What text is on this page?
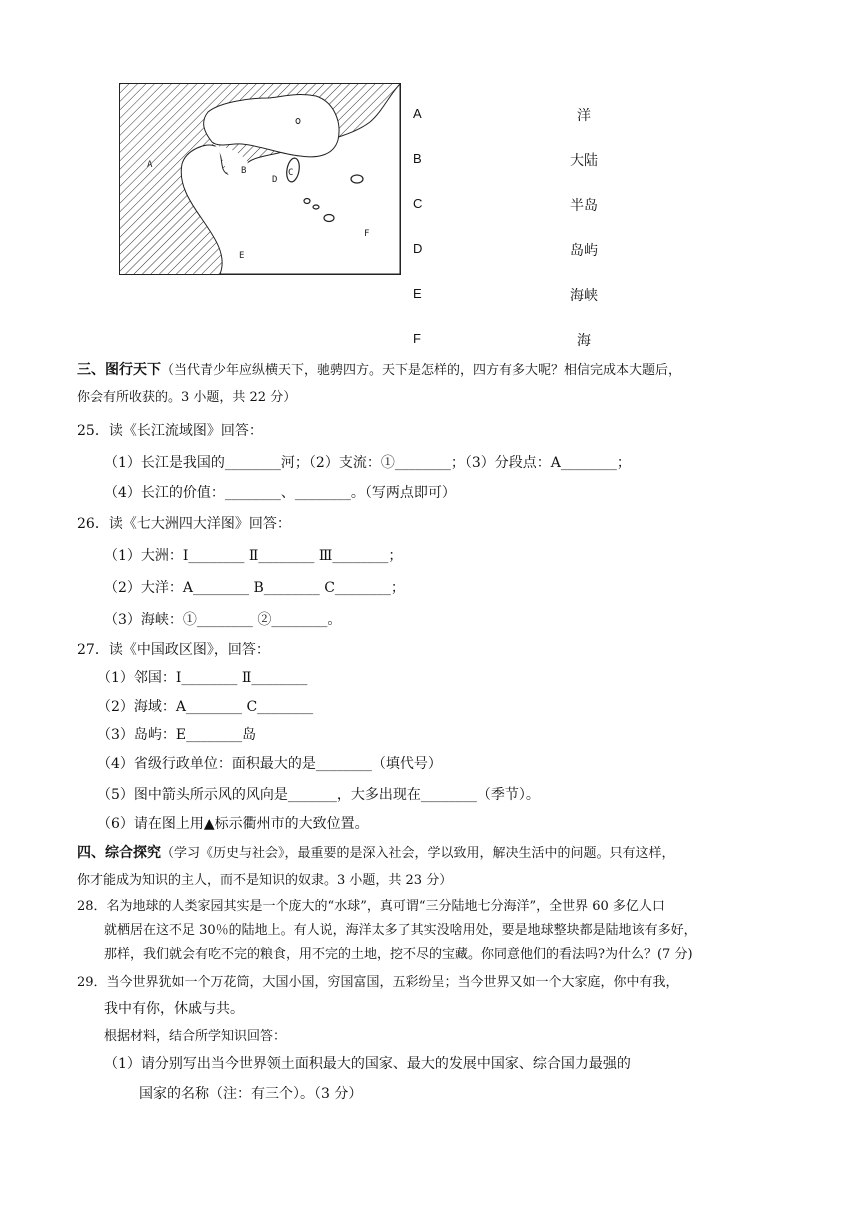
A
B
D
C
E
F
A	洋
B	大陆
C	半岛
D	岛屿
E	海峡
F	海
三、图行天下（当代青少年应纵横天下，驰骋四方。天下是怎样的，四方有多大呢？相信完成本大题后，
你会有所收获的。3 小题，共 22 分）
25．读《长江流域图》回答：
（1）长江是我国的________河；（2）支流：①________；（3）分段点：A________；
（4）长江的价值：________、________。（写两点即可）
26．读《七大洲四大洋图》回答：
（1）大洲：Ⅰ________ Ⅱ________ Ⅲ________；
（2）大洋：A________ B________ C________；
（3）海峡：①________ ②________。
27．读《中国政区图》，回答：
（1）邻国：Ⅰ________ Ⅱ________
（2）海域：A________ C________
（3）岛屿：E________岛
（4）省级行政单位：面积最大的是________（填代号）
（5）图中箭头所示风的风向是_______，大多出现在________（季节）。
（6）请在图上用▲标示衢州市的大致位置。
四、综合探究（学习《历史与社会》，最重要的是深入社会，学以致用，解决生活中的问题。只有这样，
你才能成为知识的主人，而不是知识的奴隶。3 小题，共 23 分）
28．名为地球的人类家园其实是一个庞大的“水球”，真可谓“三分陆地七分海洋”，全世界 60 多亿人口
就栖居在这不足 30％的陆地上。有人说，海洋太多了其实没啥用处，要是地球整块都是陆地该有多好，
那样，我们就会有吃不完的粮食，用不完的土地，挖不尽的宝藏。你同意他们的看法吗?为什么？(7 分)
29．当今世界犹如一个万花筒，大国小国，穷国富国，五彩纷呈；当今世界又如一个大家庭，你中有我，
我中有你，休戚与共。
根据材料，结合所学知识回答：
（1）请分别写出当今世界领土面积最大的国家、最大的发展中国家、综合国力最强的
国家的名称（注：有三个）。（3 分）
